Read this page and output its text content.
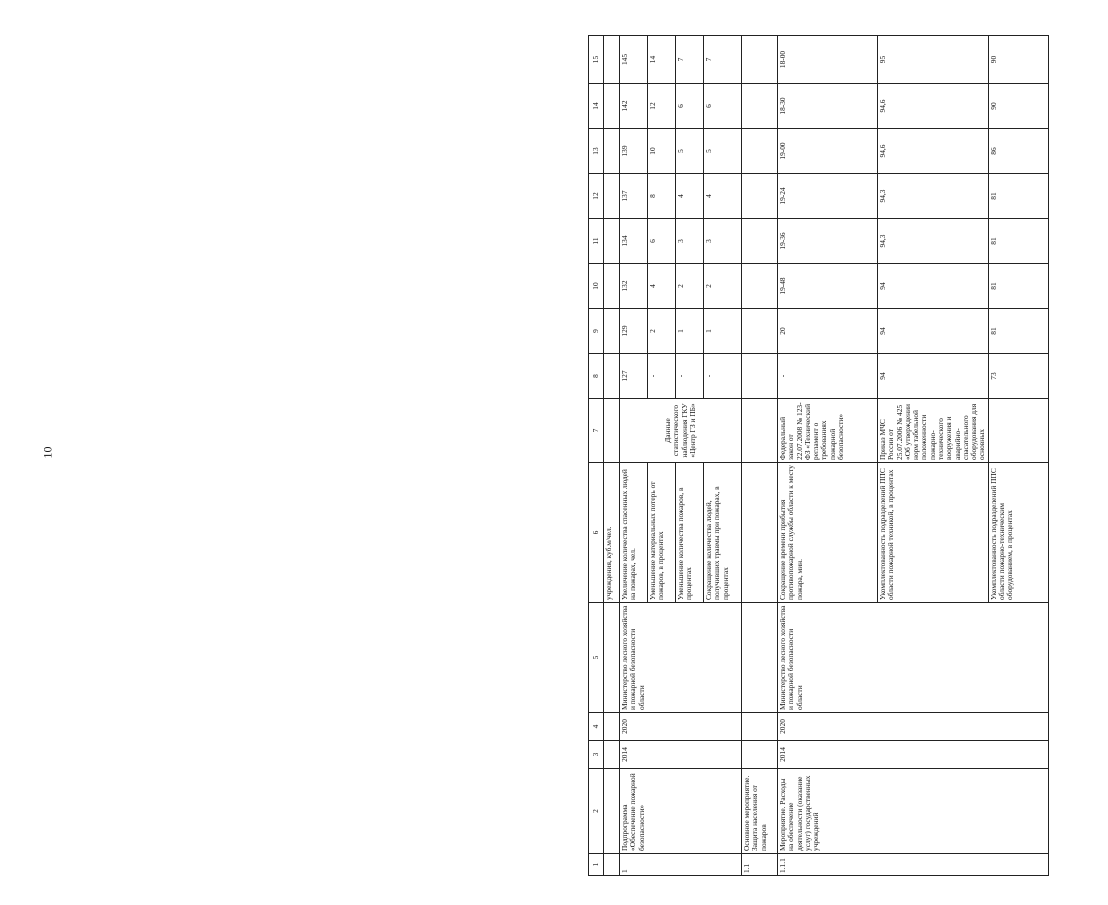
10
1	2	3	4	5	6	7	8	9	10	11	12	13	14	15
					учреждения, куб.м/чел.									
1	Подпрограмма «Обеспечение пожарной безопасности»	2014	2020	Министерство лесного хозяйства и пожарной безопасности области	Увеличение количества спасенных людей на пожарах, чел.	Данные статистического наблюдения ГКУ «Центр ГЗ и ПБ»	127	129	132	134	137	139	142	145
					Уменьшение материальных потерь от пожаров, в процентах		-	2	4	6	8	10	12	14
					Уменьшение количества пожаров, в процентах		-	1	2	3	4	5	6	7
					Сокращение количества людей, получивших травмы при пожарах, в процентах		-	1	2	3	4	5	6	7
1.1	Основное мероприятие. Защита населения от пожаров													
1.1.1	Мероприятие. Расходы на обеспечение деятельности (оказание услуг) государственных учреждений	2014	2020	Министерство лесного хозяйства и пожарной безопасности области	Сокращение времени прибытия противопожарной службы области к месту пожара, мин.	Федеральный закон от 22.07.2008 № 123-ФЗ «Технический регламент о требованиях пожарной безопасности»	-	20	19-48	19-36	19-24	19-00	18-30	18-00
					Укомплектованность подразделений ППС области пожарной техникой, в процентах	Приказ МЧС России от 25.07.2006 № 425 «Об утверждении норм табельной положенности пожарно-технического вооружения и аварийно-спасательного оборудования для основных	94	94	94	94,3	94,3	94,6	94,6	95
					Укомплектованность подразделений ППС области пожарно-техническим оборудованием, в процентах		73	81	81	81	81	86	90	90
